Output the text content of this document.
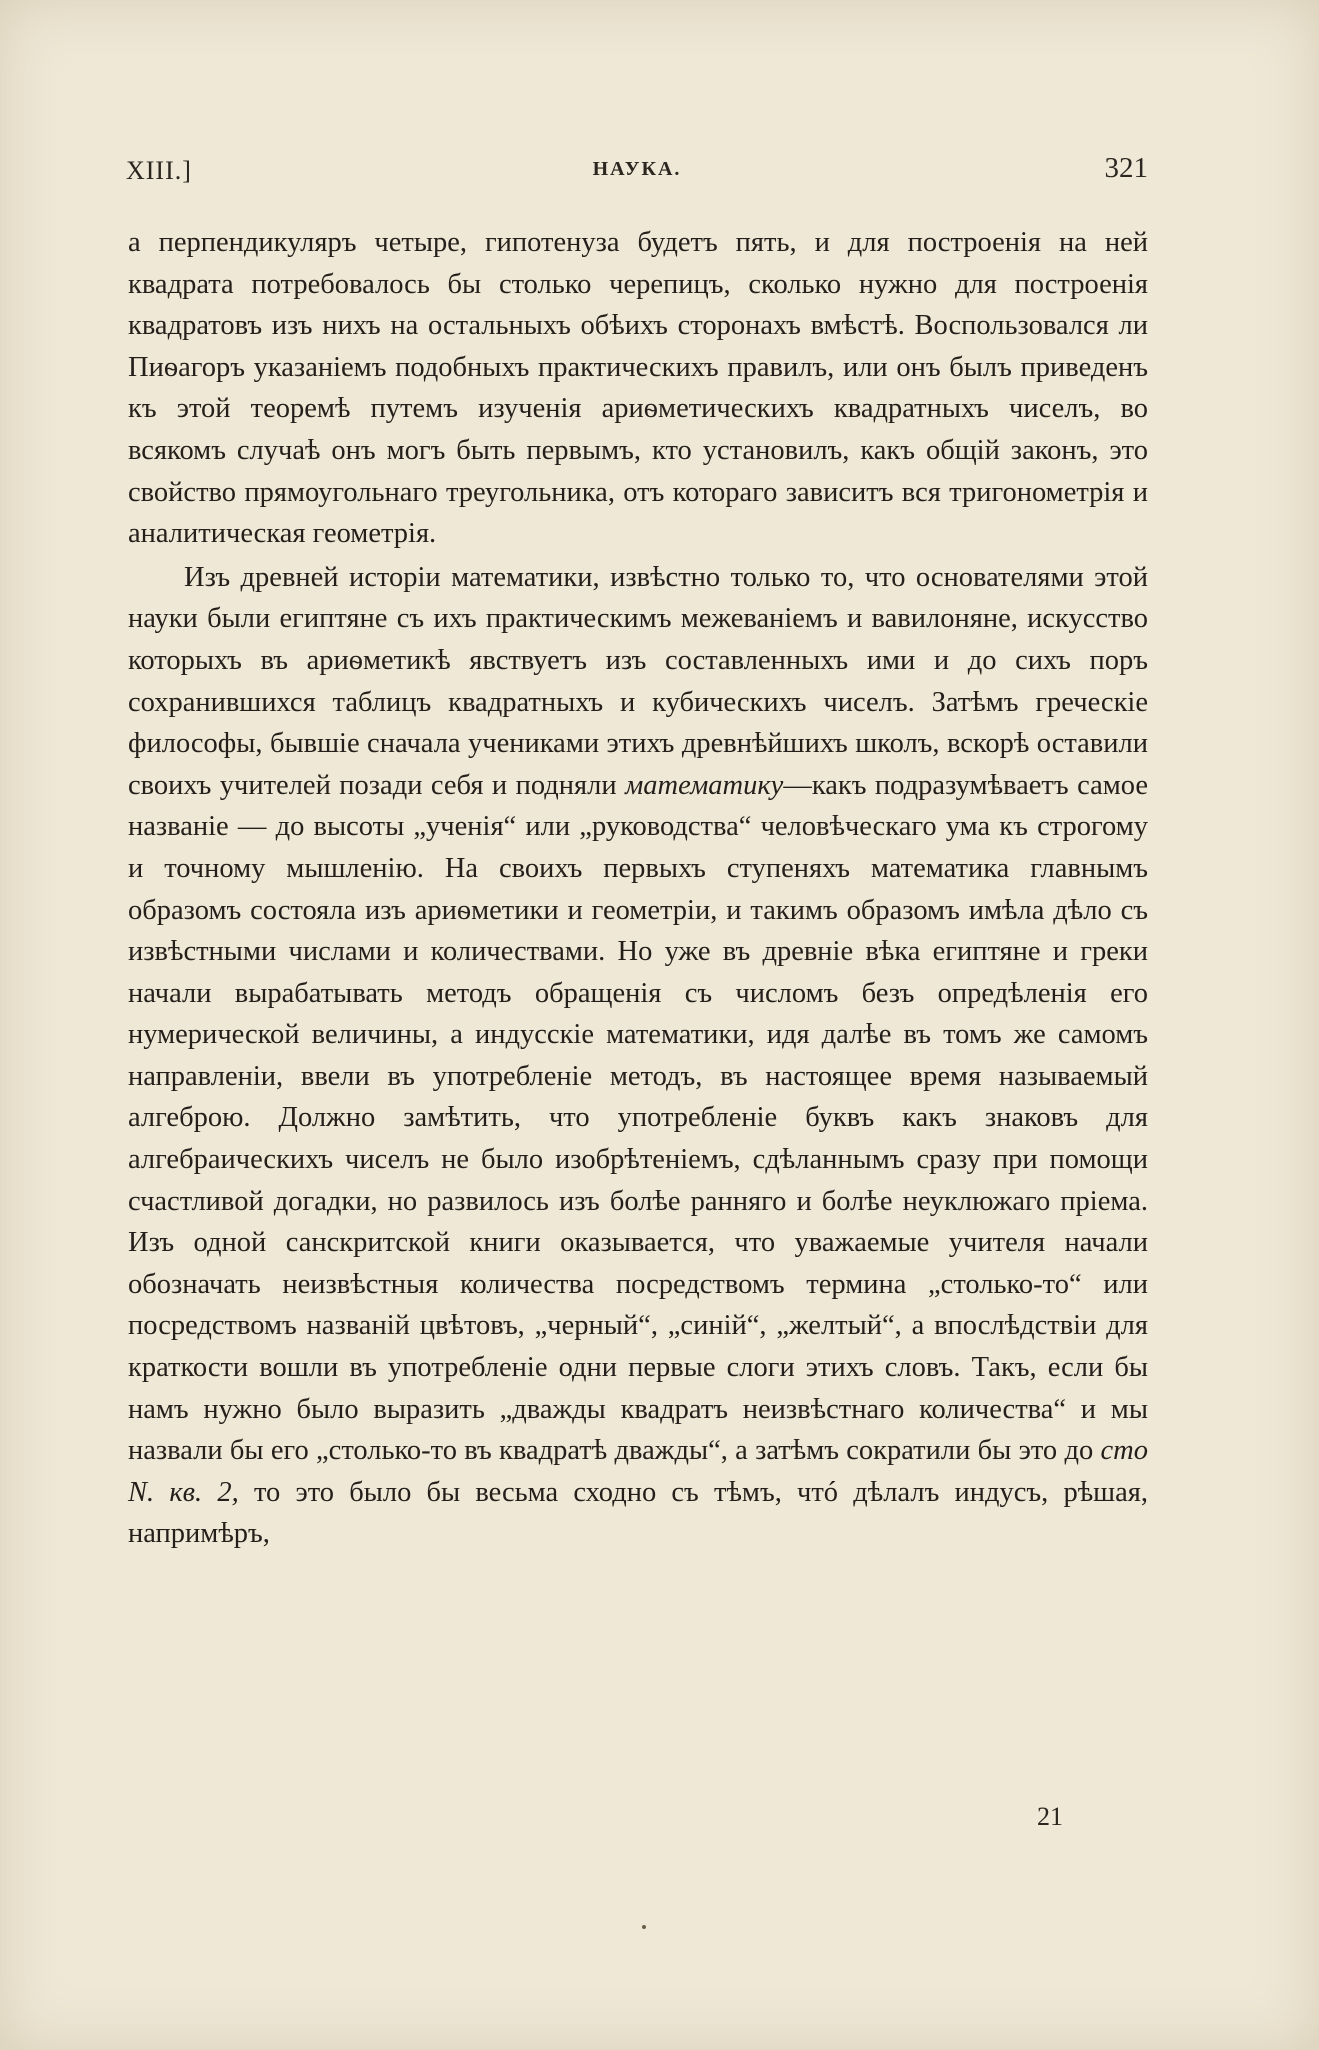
XIII.]	НАУКА.	321

а перпендикуляръ четыре, гипотенуза будетъ пять, и для построенія на ней квадрата потребовалось бы столько черепицъ, сколько нужно для построенія квадратовъ изъ нихъ на остальныхъ обѣихъ сторонахъ вмѣстѣ. Воспользовался ли Пиѳагоръ указаніемъ подобныхъ практическихъ правилъ, или онъ былъ приведенъ къ этой теоремѣ путемъ изученія ариѳметическихъ квадратныхъ чиселъ, во всякомъ случаѣ онъ могъ быть первымъ, кто установилъ, какъ общій законъ, это свойство прямоугольнаго треугольника, отъ котораго зависитъ вся тригонометрія и аналитическая геометрія.

Изъ древней исторіи математики, извѣстно только то, что основателями этой науки были египтяне съ ихъ практическимъ межеваніемъ и вавилоняне, искусство которыхъ въ ариѳметикѣ явствуетъ изъ составленныхъ ими и до сихъ поръ сохранившихся таблицъ квадратныхъ и кубическихъ чиселъ. Затѣмъ греческіе философы, бывшіе сначала учениками этихъ древнѣйшихъ школъ, вскорѣ оставили своихъ учителей позади себя и подняли математику—какъ подразумѣваетъ самое названіе — до высоты „ученія“ или „руководства“ человѣческаго ума къ строгому и точному мышленію. На своихъ первыхъ ступеняхъ математика главнымъ образомъ состояла изъ ариѳметики и геометріи, и такимъ образомъ имѣла дѣло съ извѣстными числами и количествами. Но уже въ древніе вѣка египтяне и греки начали вырабатывать методъ обращенія съ числомъ безъ опредѣленія его нумерической величины, а индусскіе математики, идя далѣе въ томъ же самомъ направленіи, ввели въ употребленіе методъ, въ настоящее время называемый алгеброю. Должно замѣтить, что употребленіе буквъ какъ знаковъ для алгебраическихъ чиселъ не было изобрѣтеніемъ, сдѣланнымъ сразу при помощи счастливой догадки, но развилось изъ болѣе ранняго и болѣе неуклюжаго пріема. Изъ одной санскритской книги оказывается, что уважаемые учителя начали обозначать неизвѣстныя количества посредствомъ термина „столько-то“ или посредствомъ названій цвѣтовъ, „черный“, „синій“, „желтый“, а впослѣдствіи для краткости вошли въ употребленіе одни первые слоги этихъ словъ. Такъ, если бы намъ нужно было выразить „дважды квадратъ неизвѣстнаго количества“ и мы назвали бы его „столько-то въ квадратѣ дважды“, а затѣмъ сократили бы это до сто N. кв. 2, то это было бы весьма сходно съ тѣмъ, чтó дѣлалъ индусъ, рѣшая, напримѣръ,

21
